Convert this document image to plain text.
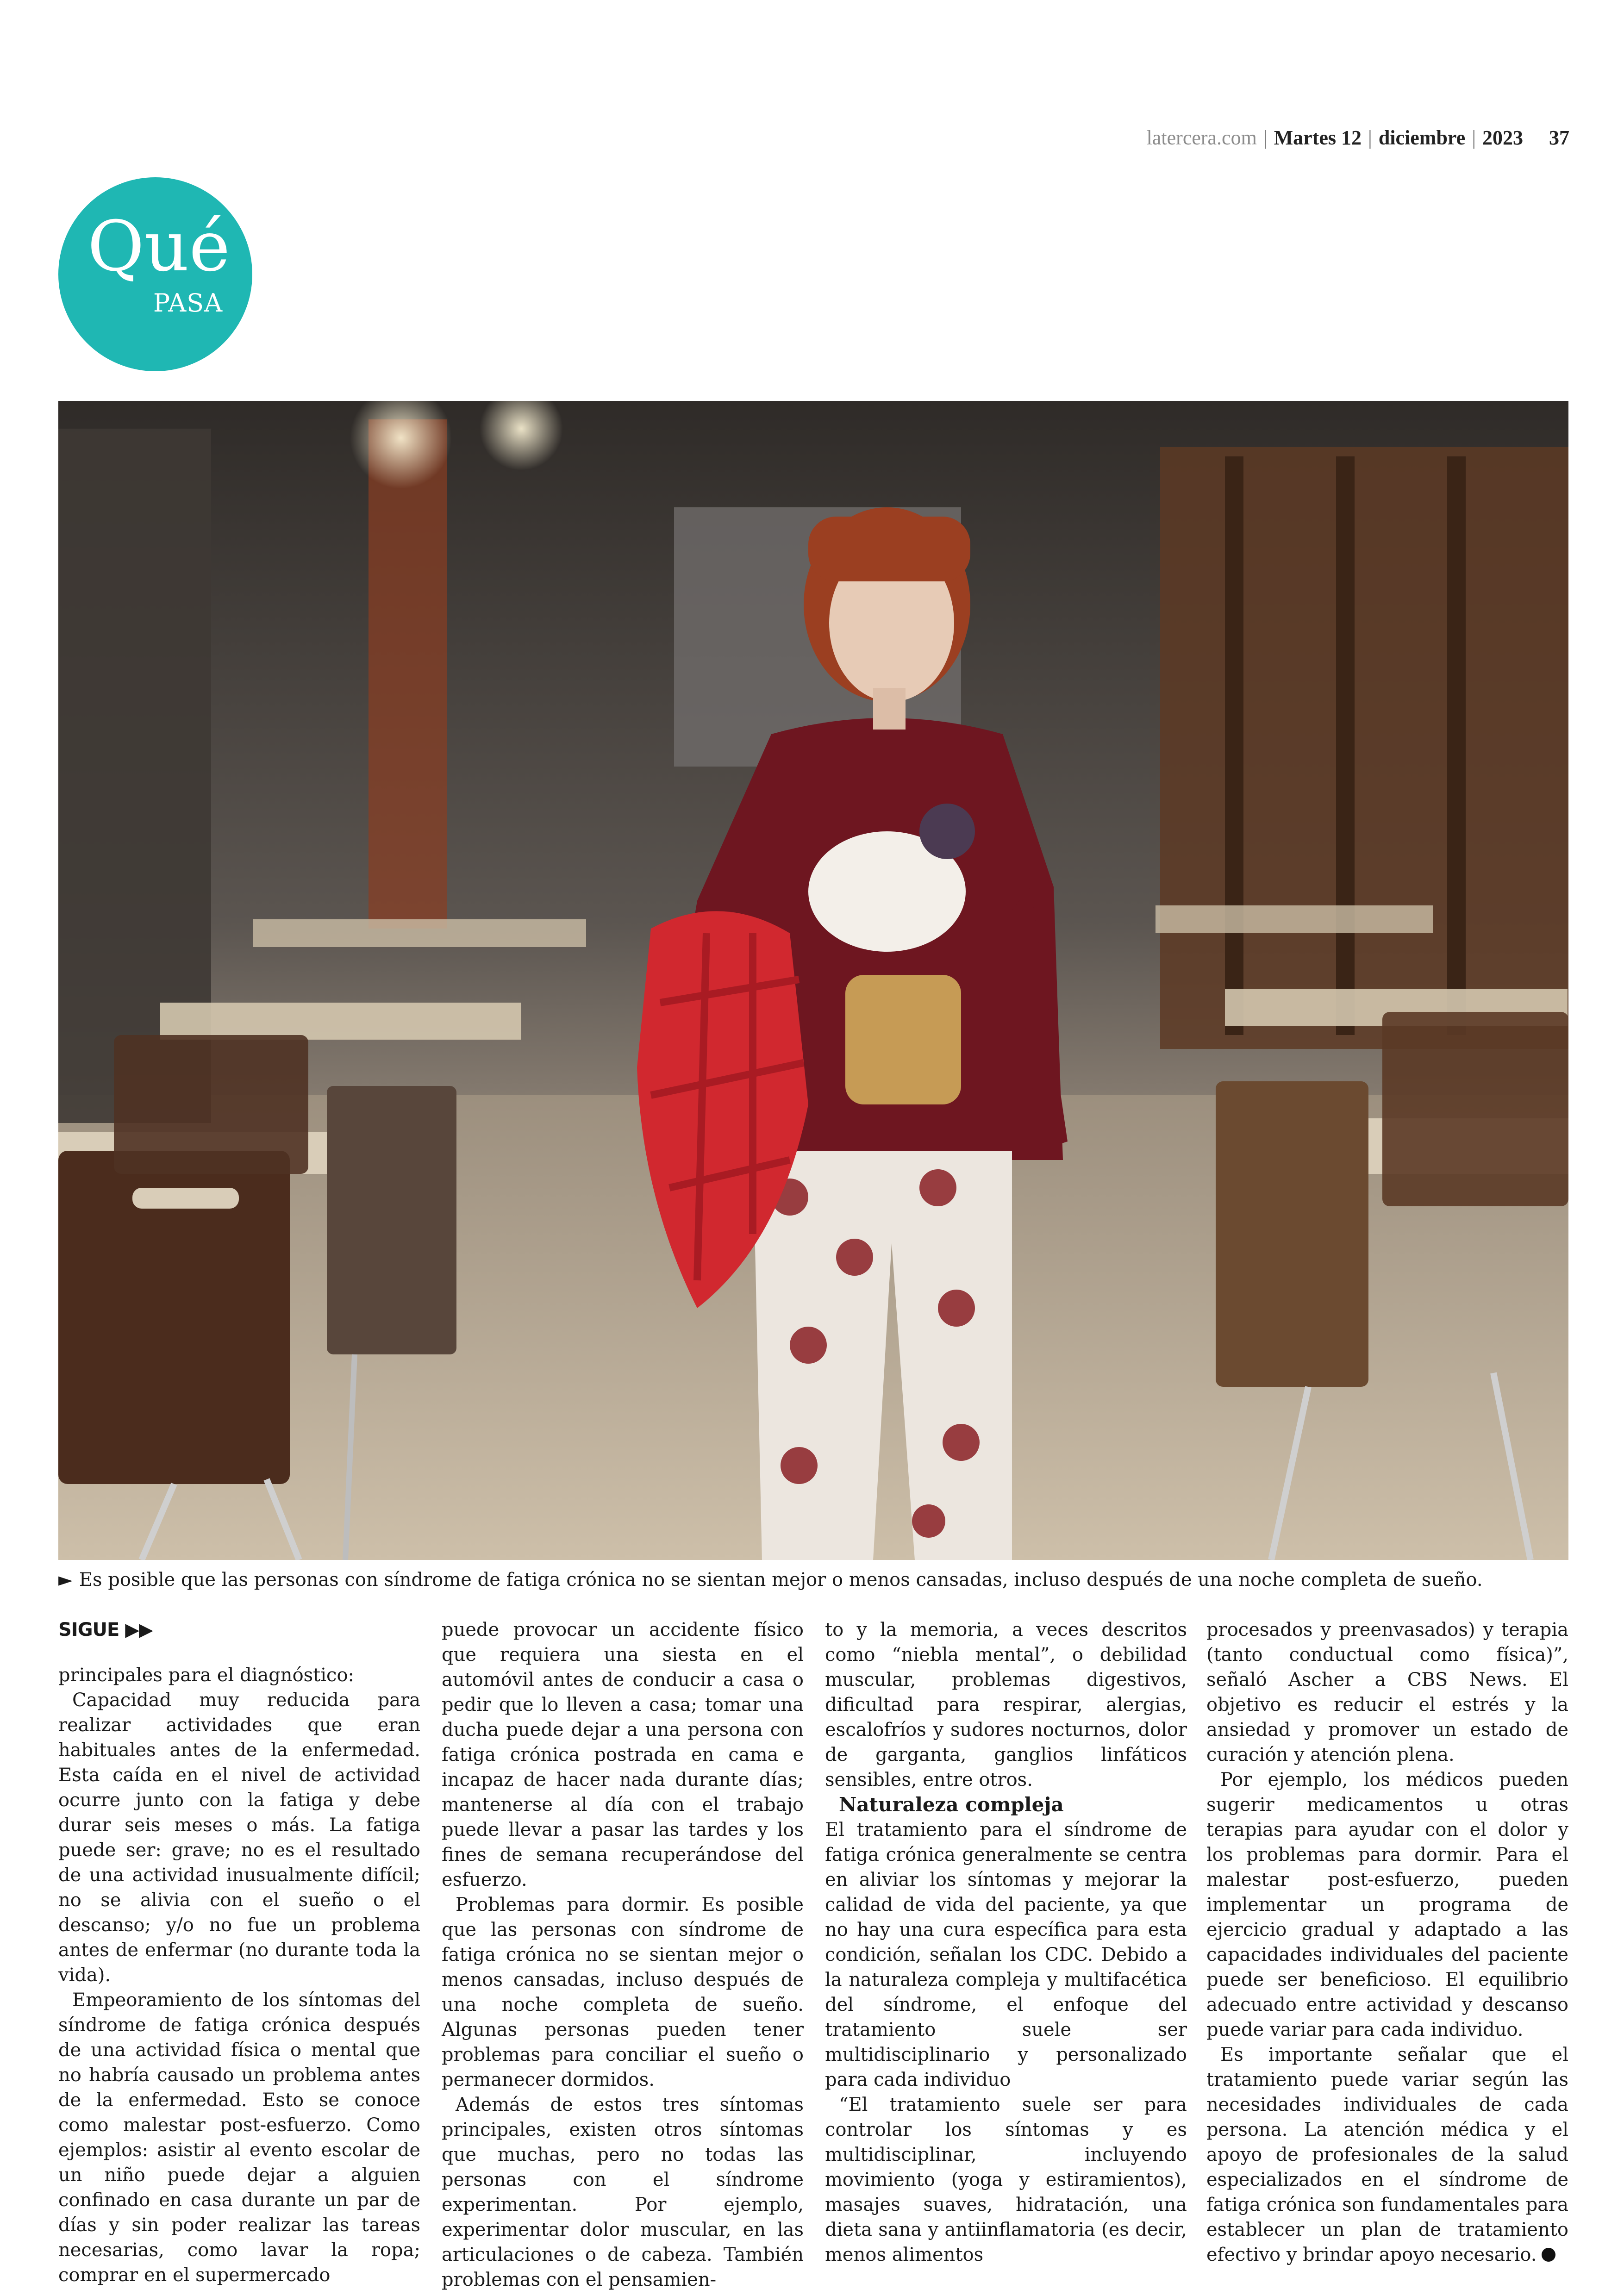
latercera.com | Martes 12 | diciembre | 2023 37
Qué
PASA
► Es posible que las personas con síndrome de fatiga crónica no se sientan mejor o menos cansadas, incluso después de una noche completa de sueño.
SIGUE ▶▶

principales para el diagnóstico:

Capacidad muy reducida para realizar actividades que eran habituales antes de la enfermedad. Esta caída en el nivel de actividad ocurre junto con la fatiga y debe durar seis meses o más. La fatiga puede ser: grave; no es el resultado de una actividad inusualmente difícil; no se alivia con el sueño o el descanso; y/o no fue un problema antes de enfermar (no durante toda la vida).

Empeoramiento de los síntomas del síndrome de fatiga crónica después de una actividad física o mental que no habría causado un problema antes de la enfermedad. Esto se conoce como malestar post-esfuerzo. Como ejemplos: asistir al evento escolar de un niño puede dejar a alguien confinado en casa durante un par de días y sin poder realizar las tareas necesarias, como lavar la ropa; comprar en el supermercado

puede provocar un accidente físico que requiera una siesta en el automóvil antes de conducir a casa o pedir que lo lleven a casa; tomar una ducha puede dejar a una persona con fatiga crónica postrada en cama e incapaz de hacer nada durante días; mantenerse al día con el trabajo puede llevar a pasar las tardes y los fines de semana recuperándose del esfuerzo.

Problemas para dormir. Es posible que las personas con síndrome de fatiga crónica no se sientan mejor o menos cansadas, incluso después de una noche completa de sueño. Algunas personas pueden tener problemas para conciliar el sueño o permanecer dormidos.

Además de estos tres síntomas principales, existen otros síntomas que muchas, pero no todas las personas con el síndrome experimentan. Por ejemplo, experimentar dolor muscular, en las articulaciones o de cabeza. También problemas con el pensamien-

to y la memoria, a veces descritos como “niebla mental”, o debilidad muscular, problemas digestivos, dificultad para respirar, alergias, escalofríos y sudores nocturnos, dolor de garganta, ganglios linfáticos sensibles, entre otros.

Naturaleza compleja

El tratamiento para el síndrome de fatiga crónica generalmente se centra en aliviar los síntomas y mejorar la calidad de vida del paciente, ya que no hay una cura específica para esta condición, señalan los CDC. Debido a la naturaleza compleja y multifacética del síndrome, el enfoque del tratamiento suele ser multidisciplinario y personalizado para cada individuo

“El tratamiento suele ser para controlar los síntomas y es multidisciplinar, incluyendo movimiento (yoga y estiramientos), masajes suaves, hidratación, una dieta sana y antiinflamatoria (es decir, menos alimentos

procesados y preenvasados) y terapia (tanto conductual como física)”, señaló Ascher a CBS News. El objetivo es reducir el estrés y la ansiedad y promover un estado de curación y atención plena.

Por ejemplo, los médicos pueden sugerir medicamentos u otras terapias para ayudar con el dolor y los problemas para dormir. Para el malestar post-esfuerzo, pueden implementar un programa de ejercicio gradual y adaptado a las capacidades individuales del paciente puede ser beneficioso. El equilibrio adecuado entre actividad y descanso puede variar para cada individuo.

Es importante señalar que el tratamiento puede variar según las necesidades individuales de cada persona. La atención médica y el apoyo de profesionales de la salud especializados en el síndrome de fatiga crónica son fundamentales para establecer un plan de tratamiento efectivo y brindar apoyo necesario.
